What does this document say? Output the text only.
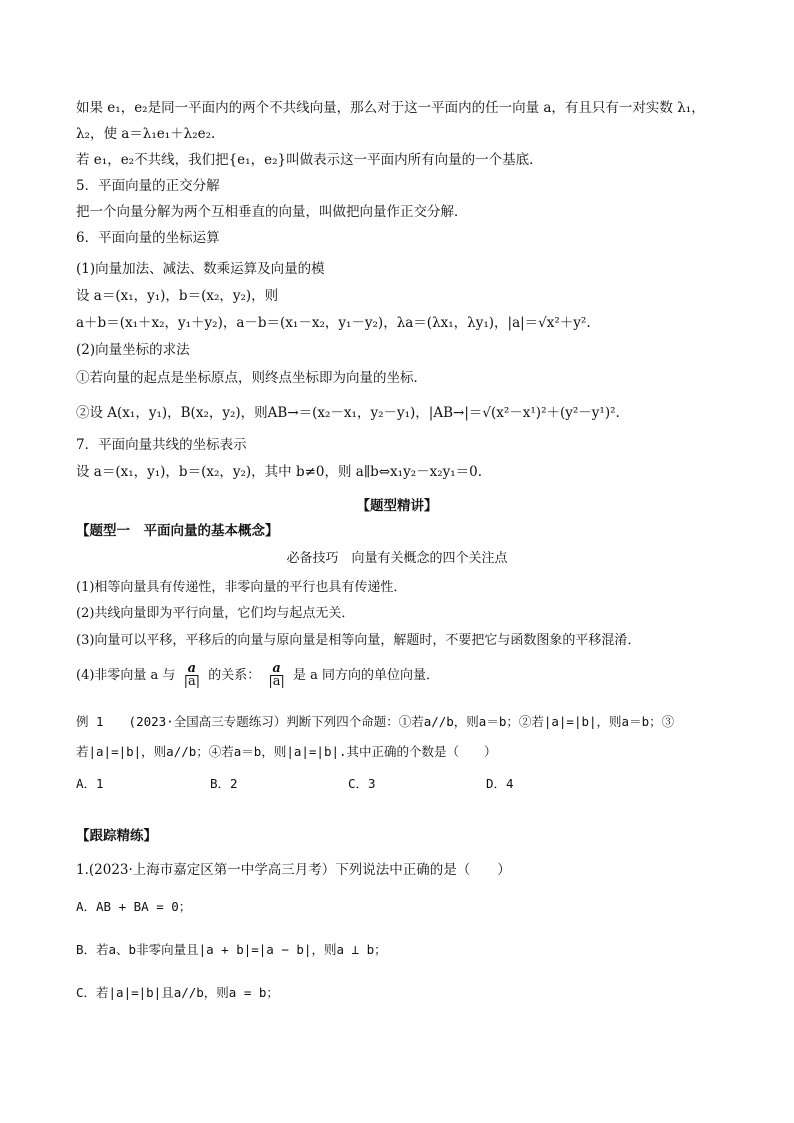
如果 e₁，e₂是同一平面内的两个不共线向量，那么对于这一平面内的任一向量 a，有且只有一对实数 λ₁，
λ₂，使 a＝λ₁e₁＋λ₂e₂.
若 e₁，e₂不共线，我们把{e₁，e₂}叫做表示这一平面内所有向量的一个基底．
5．平面向量的正交分解
把一个向量分解为两个互相垂直的向量，叫做把向量作正交分解．
6．平面向量的坐标运算
(1)向量加法、减法、数乘运算及向量的模
设 a＝(x₁，y₁)，b＝(x₂，y₂)，则
a＋b＝(x₁＋x₂，y₁＋y₂)，a－b＝(x₁－x₂，y₁－y₂)，λa＝(λx₁，λy₁)，|a|＝√x²＋y².
(2)向量坐标的求法
①若向量的起点是坐标原点，则终点坐标即为向量的坐标．
②设 A(x₁，y₁)，B(x₂，y₂)，则AB→＝(x₂－x₁，y₂－y₁)，|AB→|＝√(x²－x¹)²＋(y²－y¹)².
7．平面向量共线的坐标表示
设 a＝(x₁，y₁)，b＝(x₂，y₂)，其中 b≠0，则 a∥b⇔x₁y₂－x₂y₁＝0.
【题型精讲】
【题型一　平面向量的基本概念】
必备技巧　向量有关概念的四个关注点
(1)相等向量具有传递性，非零向量的平行也具有传递性．
(2)共线向量即为平行向量，它们均与起点无关．
(3)向量可以平移，平移后的向量与原向量是相等向量，解题时，不要把它与函数图象的平移混淆．
(4)非零向量 a 与 $\frac{a}{|a|}$ 的关系： $\frac{a}{|a|}$ 是 a 同方向的单位向量．
例 1　　(2023·全国高三专题练习）判断下列四个命题：①若a//b，则a＝b；②若|a|=|b|，则a＝b；③
若|a|=|b|，则a//b；④若a＝b，则|a|=|b|.其中正确的个数是（　　）
A．1	B．2	C．3	D．4
【跟踪精练】
1.(2023·上海市嘉定区第一中学高三月考）下列说法中正确的是（　　）
A．AB + BA = 0；
B．若a、b非零向量且|a + b|=|a − b|，则a ⊥ b；
C．若|a|=|b|且a//b，则a = b；
